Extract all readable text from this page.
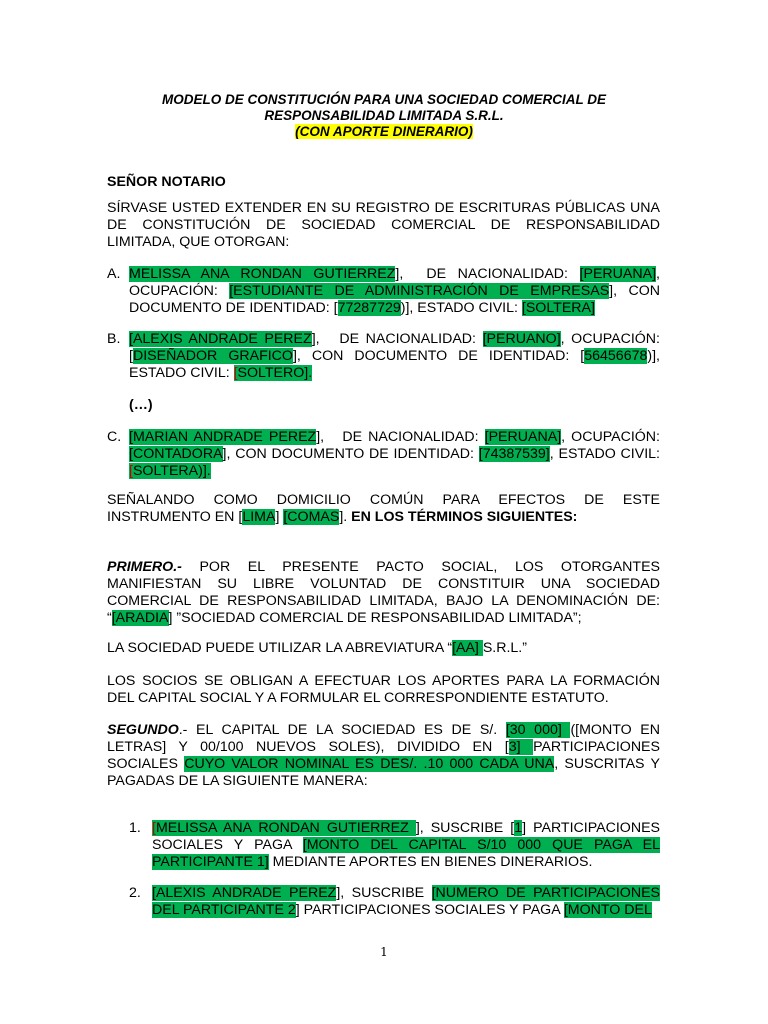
MODELO DE CONSTITUCIÓN PARA UNA SOCIEDAD COMERCIAL DE
RESPONSABILIDAD LIMITADA S.R.L.
(CON APORTE DINERARIO)
SEÑOR NOTARIO

SÍRVASE USTED EXTENDER EN SU REGISTRO DE ESCRITURAS PÚBLICAS UNA DE CONSTITUCIÓN DE SOCIEDAD COMERCIAL DE RESPONSABILIDAD LIMITADA, QUE OTORGAN:

A. MELISSA ANA RONDAN GUTIERREZ],  DE NACIONALIDAD: [PERUANA], OCUPACIÓN: [ESTUDIANTE DE ADMINISTRACIÓN DE EMPRESAS], CON DOCUMENTO DE IDENTIDAD: [77287729)], ESTADO CIVIL: [SOLTERA]

B. [ALEXIS ANDRADE PEREZ],   DE NACIONALIDAD: [PERUANO], OCUPACIÓN: [DISEÑADOR GRAFICO], CON DOCUMENTO DE IDENTIDAD: [56456678)], ESTADO CIVIL: [SOLTERO].

(…)
C. [MARIAN ANDRADE PEREZ],   DE NACIONALIDAD: [PERUANA], OCUPACIÓN: [CONTADORA], CON DOCUMENTO DE IDENTIDAD: [74387539], ESTADO CIVIL: [SOLTERA)].

SEÑALANDO COMO DOMICILIO COMÚN PARA EFECTOS DE ESTE INSTRUMENTO EN [LIMA] [COMAS]. EN LOS TÉRMINOS SIGUIENTES:

PRIMERO.- POR EL PRESENTE PACTO SOCIAL, LOS OTORGANTES MANIFIESTAN SU LIBRE VOLUNTAD DE CONSTITUIR UNA SOCIEDAD COMERCIAL DE RESPONSABILIDAD LIMITADA, BAJO LA DENOMINACIÓN DE: “[ARADIA] ”SOCIEDAD COMERCIAL DE RESPONSABILIDAD LIMITADA”;

LA SOCIEDAD PUEDE UTILIZAR LA ABREVIATURA “[AA] S.R.L.”

LOS SOCIOS SE OBLIGAN A EFECTUAR LOS APORTES PARA LA FORMACIÓN DEL CAPITAL SOCIAL Y A FORMULAR EL CORRESPONDIENTE ESTATUTO.

SEGUNDO.- EL CAPITAL DE LA SOCIEDAD ES DE S/. [30 000] ([MONTO EN LETRAS] Y 00/100 NUEVOS SOLES), DIVIDIDO EN [3] PARTICIPACIONES SOCIALES CUYO VALOR NOMINAL ES DES/. .10 000 CADA UNA, SUSCRITAS Y PAGADAS DE LA SIGUIENTE MANERA:

1. [MELISSA ANA RONDAN GUTIERREZ ], SUSCRIBE [1] PARTICIPACIONES SOCIALES Y PAGA [MONTO DEL CAPITAL S/10 000 QUE PAGA EL PARTICIPANTE 1] MEDIANTE APORTES EN BIENES DINERARIOS.

2. [ALEXIS ANDRADE PEREZ], SUSCRIBE [NUMERO DE PARTICIPACIONES DEL PARTICIPANTE 2] PARTICIPACIONES SOCIALES Y PAGA [MONTO DEL

1
